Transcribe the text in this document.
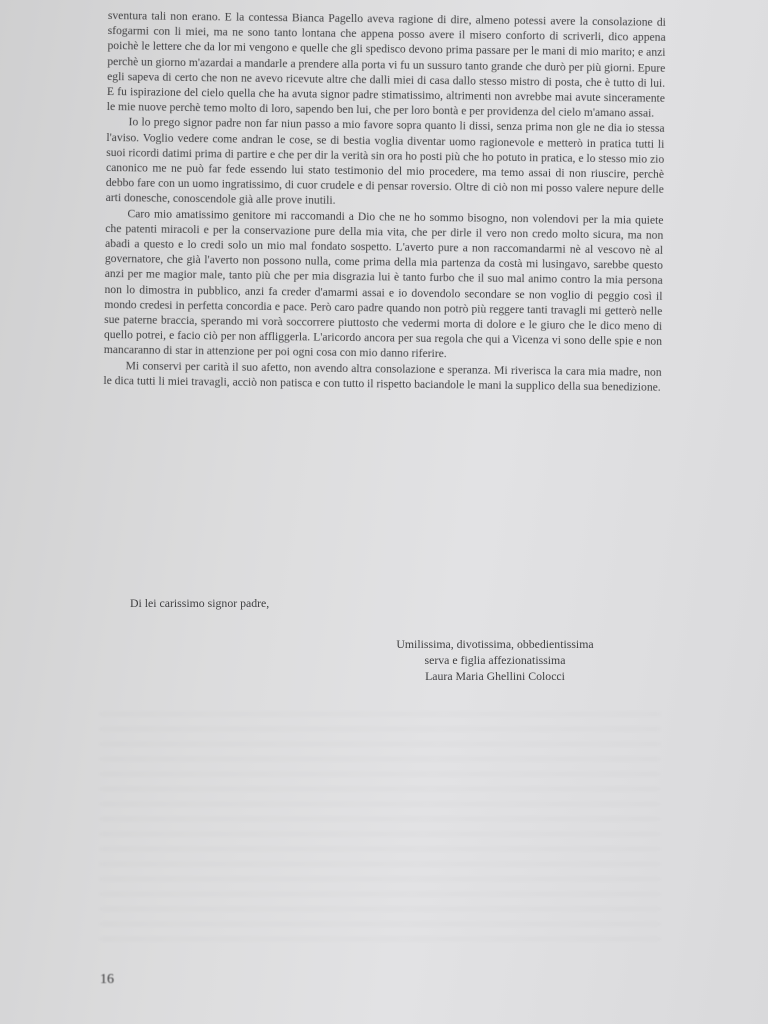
sventura tali non erano. E la contessa Bianca Pagello aveva ragione di dire, almeno potessi avere la consolazione di sfogarmi con li miei, ma ne sono tanto lontana che appena posso avere il misero conforto di scriverli, dico appena poichè le lettere che da lor mi vengono e quelle che gli spedisco devono prima passare per le mani di mio marito; e anzi perchè un giorno m'azardai a mandarle a prendere alla porta vi fu un sussuro tanto grande che durò per più giorni. Epure egli sapeva di certo che non ne avevo ricevute altre che dalli miei di casa dallo stesso mistro di posta, che è tutto di lui. E fu ispirazione del cielo quella che ha avuta signor padre stimatissimo, altrimenti non avrebbe mai avute sinceramente le mie nuove perchè temo molto di loro, sapendo ben lui, che per loro bontà e per providenza del cielo m'amano assai.

Io lo prego signor padre non far niun passo a mio favore sopra quanto li dissi, senza prima non gle ne dia io stessa l'aviso. Voglio vedere come andran le cose, se di bestia voglia diventar uomo ragionevole e metterò in pratica tutti li suoi ricordi datimi prima di partire e che per dir la verità sin ora ho posti più che ho potuto in pratica, e lo stesso mio zio canonico me ne può far fede essendo lui stato testimonio del mio procedere, ma temo assai di non riuscire, perchè debbo fare con un uomo ingratissimo, di cuor crudele e di pensar roversio. Oltre di ciò non mi posso valere nepure delle arti donesche, conoscendole già alle prove inutili.

Caro mio amatissimo genitore mi raccomandi a Dio che ne ho sommo bisogno, non volendovi per la mia quiete che patenti miracoli e per la conservazione pure della mia vita, che per dirle il vero non credo molto sicura, ma non abadi a questo e lo credi solo un mio mal fondato sospetto. L'averto pure a non raccomandarmi nè al vescovo nè al governatore, che già l'averto non possono nulla, come prima della mia partenza da costà mi lusingavo, sarebbe questo anzi per me magior male, tanto più che per mia disgrazia lui è tanto furbo che il suo mal animo contro la mia persona non lo dimostra in pubblico, anzi fa creder d'amarmi assai e io dovendolo secondare se non voglio di peggio così il mondo credesi in perfetta concordia e pace. Però caro padre quando non potrò più reggere tanti travagli mi getterò nelle sue paterne braccia, sperando mi vorà soccorrere piuttosto che vedermi morta di dolore e le giuro che le dico meno di quello potrei, e facio ciò per non affliggerla. L'aricordo ancora per sua regola che qui a Vicenza vi sono delle spie e non mancaranno di star in attenzione per poi ogni cosa con mio danno riferire.

Mi conservi per carità il suo afetto, non avendo altra consolazione e speranza. Mi riverisca la cara mia madre, non le dica tutti li miei travagli, acciò non patisca e con tutto il rispetto baciandole le mani la supplico della sua benedizione.

Di lei carissimo signor padre,
Umilissima, divotissima, obbedientissima
serva e figlia affezionatissima
Laura Maria Ghellini Colocci
16
